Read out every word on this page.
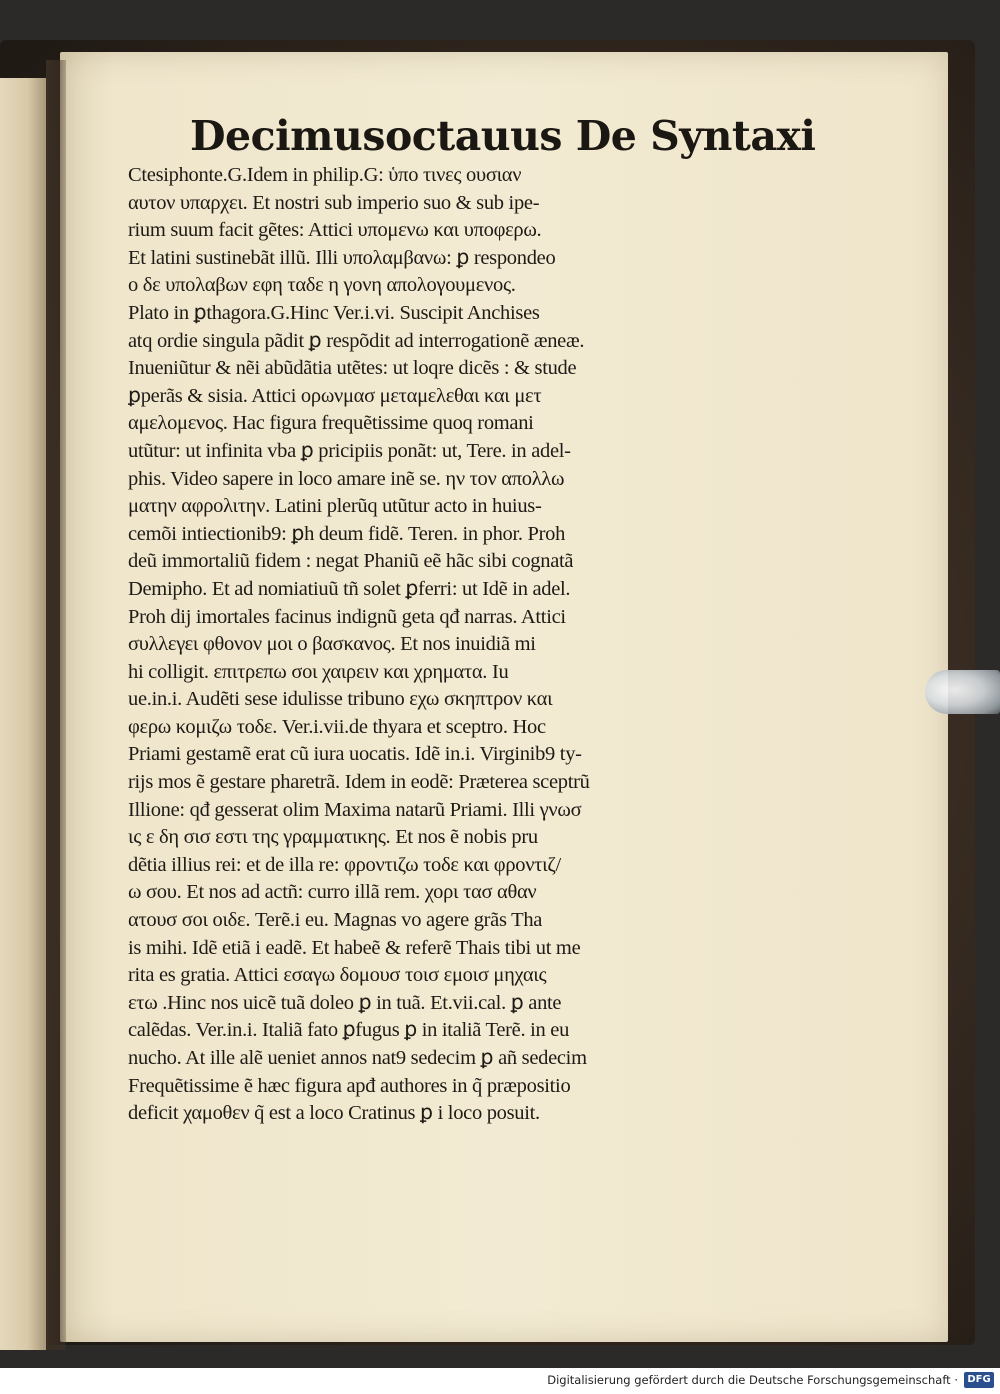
Decimusoctauus De Syntaxi
Ctesiphonte.G.Idem in philip.G: ὑπο τινες ουσιαν
αυτον υπαρχει. Et nostri sub imperio suo & sub ipe-
rium suum facit gẽtes: Attici υπομενω και υποφερω.
Et latini sustinebãt illũ. Illi υπολαμβανω: ꝑ respondeo
ο δε υπολαβων εφη ταδε η γονη απολογουμενος.
Plato in ꝑthagora.G.Hinc Ver.i.vi. Suscipit Anchises
atq ordie singula pãdit ꝑ respõdit ad interrogationẽ æneæ.
Inueniũtur & nẽi abũdãtia utẽtes: ut loqre dicẽs : & stude
ꝑperãs & sisia. Attici ορωνμασ μεταμελεθαι και μετ
αμελομενος. Hac figura frequẽtissime quoq romani
utũtur: ut infinita vba ꝑ pricipiis ponãt: ut, Tere. in adel-
phis. Video sapere in loco amare inẽ se. ην τον απολλω
ματην αφρολιτην. Latini plerũq utũtur acto in huius-
cemõi intiectionib9: ꝑh deum fidẽ. Teren. in phor. Proh
deũ immortaliũ fidem : negat Phaniũ eẽ hãc sibi cognatã
Demipho. Et ad nomiatiuũ tñ solet ꝑferri: ut Idẽ in adel.
Proh dij imortales facinus indignũ geta qđ narras. Attici
συλλεγει φθονον μοι ο βασκανος. Et nos inuidiã mi
hi colligit. επιτρεπω σοι χαιρειν και χρηματα. Iu
ue.in.i. Audẽti sese idulisse tribuno εχω σκηπτρον και
φερω κομιζω τοδε. Ver.i.vii.de thyara et sceptro. Hoc
Priami gestamẽ erat cũ iura uocatis. Idẽ in.i. Virginib9 ty-
rijs mos ẽ gestare pharetrã. Idem in eodẽ: Præterea sceptrũ
Illione: qđ gesserat olim Maxima natarũ Priami. Illi γνωσ
ις ε δη σισ εστι της γραμματικης. Et nos ẽ nobis pru
dẽtia illius rei: et de illa re: φροντιζω τοδε και φροντιζ/
ω σου. Et nos ad actñ: curro illã rem. χορι τασ αθαν
ατουσ σοι οιδε. Terẽ.i eu. Magnas vo agere grãs Tha
is mihi. Idẽ etiã i eadẽ. Et habeẽ & referẽ Thais tibi ut me
rita es gratia. Attici εσαγω δομουσ τοισ εμοισ μηχαις
ετω .Hinc nos uicẽ tuã doleo ꝑ in tuã. Et.vii.cal. ꝑ ante
calẽdas. Ver.in.i. Italiã fato ꝑfugus ꝑ in italiã Terẽ. in eu
nucho. At ille alẽ ueniet annos nat9 sedecim ꝑ añ sedecim
Frequẽtissime ẽ hæc figura apđ authores in q̃ præpositio
deficit χαμοθεν q̃ est a loco Cratinus ꝑ i loco posuit.
Digitalisierung gefördert durch die Deutsche Forschungsgemeinschaft · DFG
